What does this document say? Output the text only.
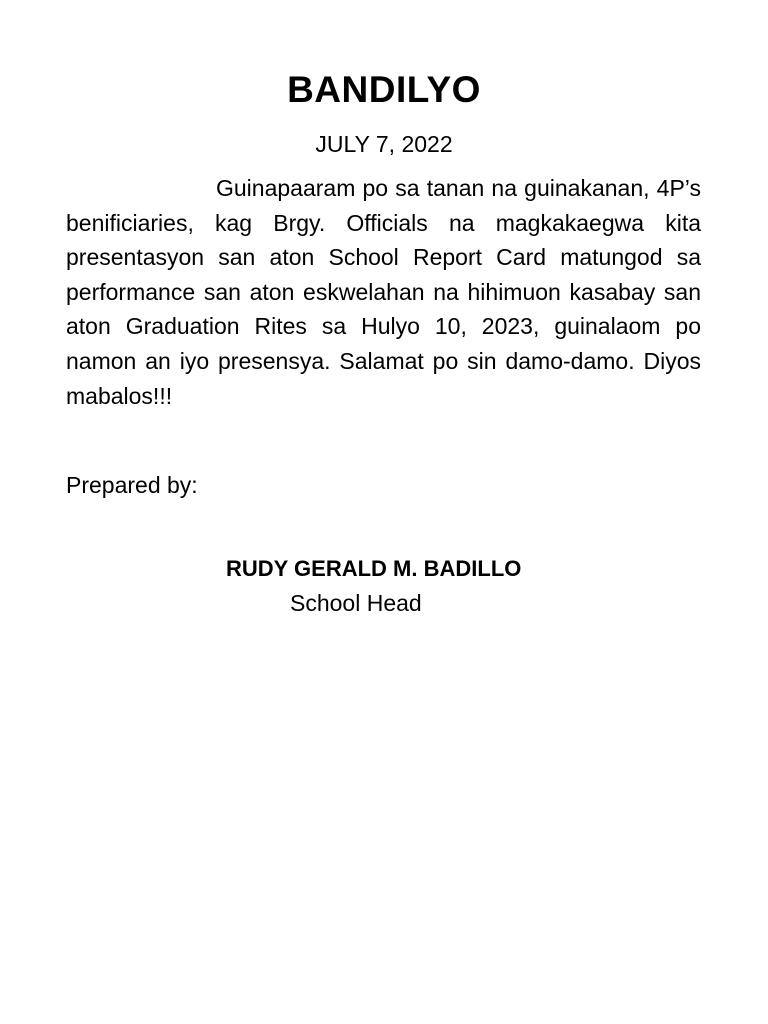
BANDILYO
JULY 7, 2022

Guinapaaram po sa tanan na guinakanan, 4P’s benificiaries, kag Brgy. Officials na magkakaegwa kita presentasyon san aton School Report Card matungod sa performance san aton eskwelahan na hihimuon kasabay san aton Graduation Rites sa Hulyo 10, 2023, guinalaom po namon an iyo presensya. Salamat po sin damo-damo. Diyos mabalos!!!

Prepared by:
RUDY GERALD M. BADILLO
School Head
